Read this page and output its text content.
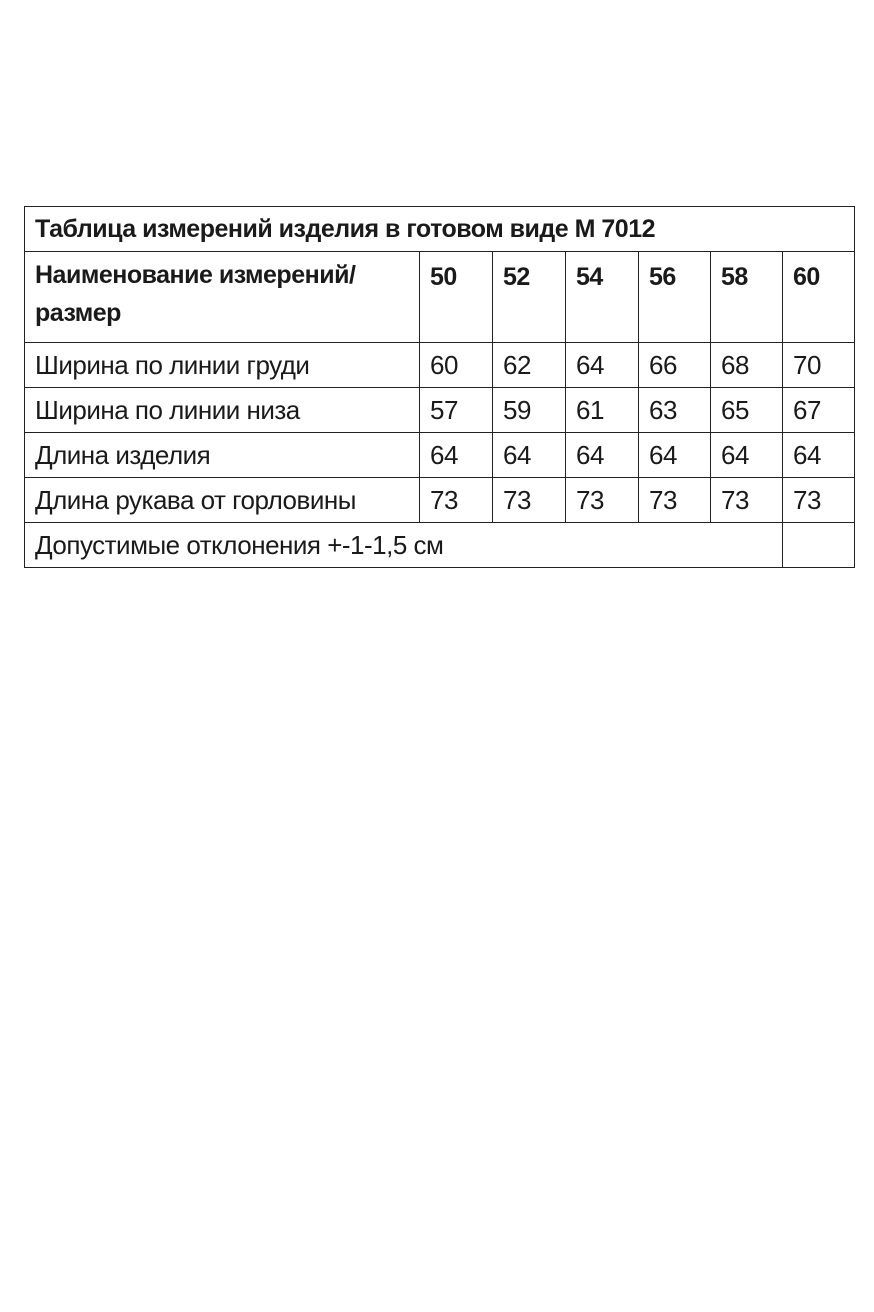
Таблица измерений изделия в готовом виде М 7012						
Наименование измерений/размер	50	52	54	56	58	60
Ширина по линии груди	60	62	64	66	68	70
Ширина по линии низа	57	59	61	63	65	67
Длина изделия	64	64	64	64	64	64
Длина рукава от горловины	73	73	73	73	73	73
Допустимые отклонения +-1-1,5 см						
